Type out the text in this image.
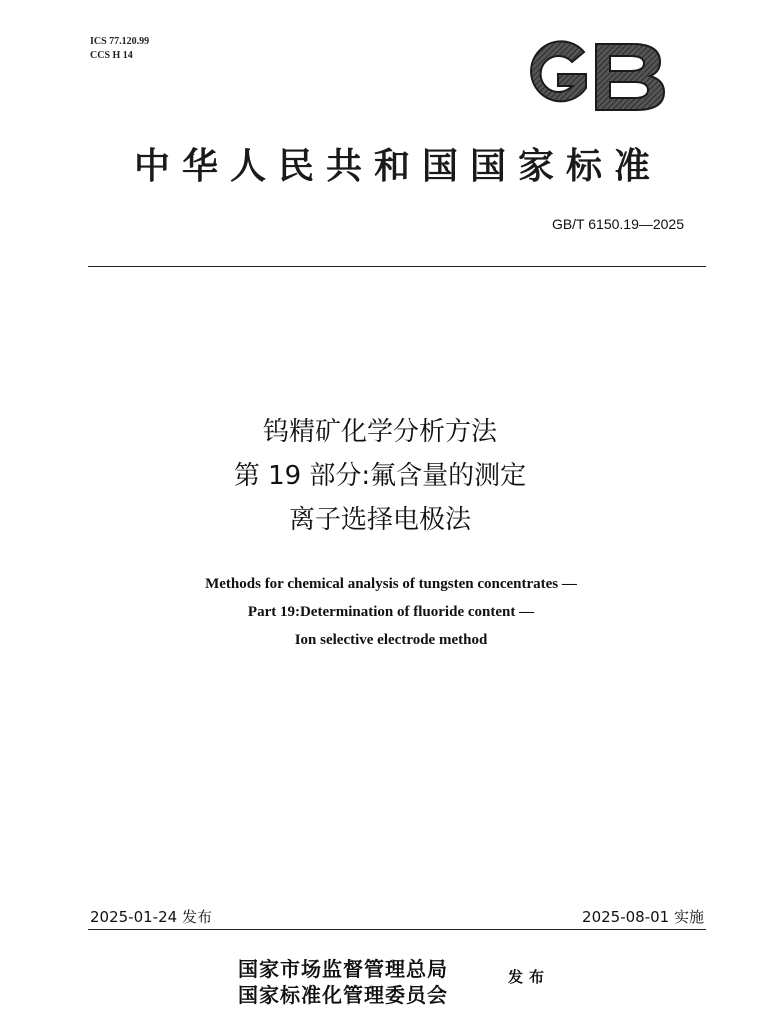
ICS 77.120.99
CCS H 14
中华人民共和国国家标准
GB/T 6150.19—2025
钨精矿化学分析方法
第 19 部分:氟含量的测定
离子选择电极法
Methods for chemical analysis of tungsten concentrates —
Part 19:Determination of fluoride content —
Ion selective electrode method
2025-01-24 发布	2025-08-01 实施
国家市场监督管理总局
国家标准化管理委员会
发布
